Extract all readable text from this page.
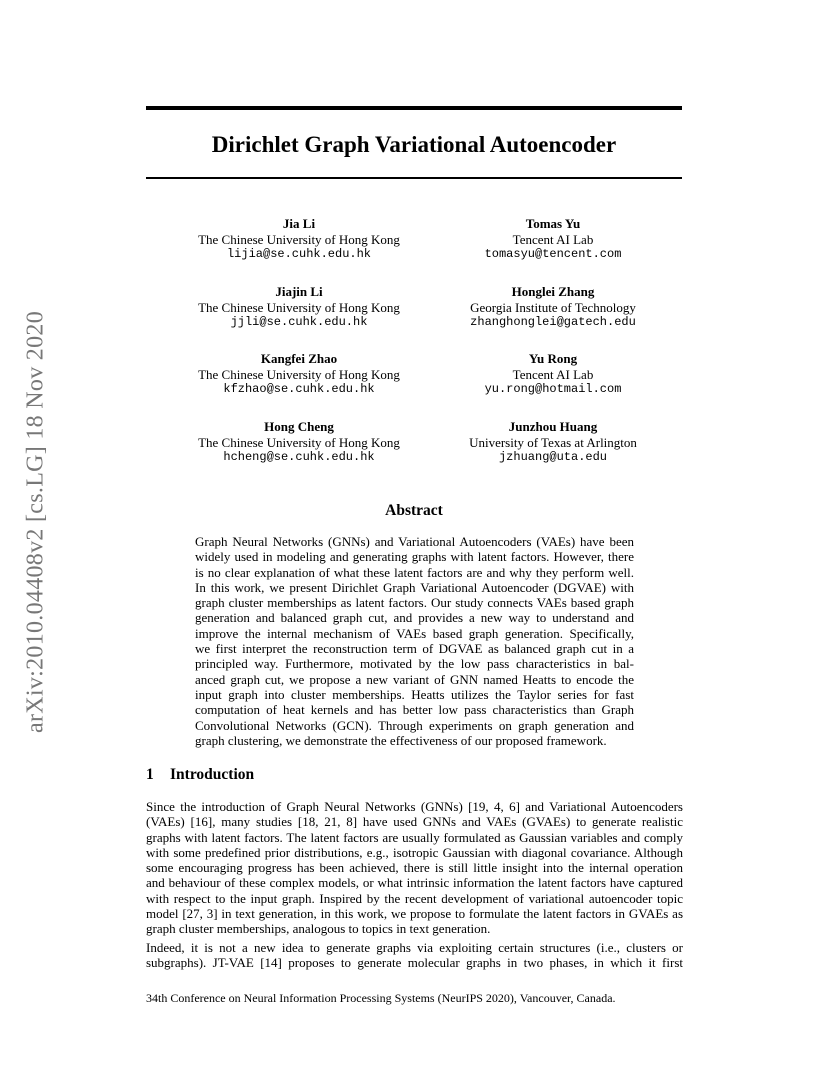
arXiv:2010.04408v2 [cs.LG] 18 Nov 2020
Dirichlet Graph Variational Autoencoder
Jia Li
The Chinese University of Hong Kong
lijia@se.cuhk.edu.hk
Tomas Yu
Tencent AI Lab
tomasyu@tencent.com
Jiajin Li
The Chinese University of Hong Kong
jjli@se.cuhk.edu.hk
Honglei Zhang
Georgia Institute of Technology
zhanghonglei@gatech.edu
Kangfei Zhao
The Chinese University of Hong Kong
kfzhao@se.cuhk.edu.hk
Yu Rong
Tencent AI Lab
yu.rong@hotmail.com
Hong Cheng
The Chinese University of Hong Kong
hcheng@se.cuhk.edu.hk
Junzhou Huang
University of Texas at Arlington
jzhuang@uta.edu
Abstract
Graph Neural Networks (GNNs) and Variational Autoencoders (VAEs) have been
widely used in modeling and generating graphs with latent factors. However, there
is no clear explanation of what these latent factors are and why they perform well.
In this work, we present Dirichlet Graph Variational Autoencoder (DGVAE) with
graph cluster memberships as latent factors. Our study connects VAEs based graph
generation and balanced graph cut, and provides a new way to understand and
improve the internal mechanism of VAEs based graph generation. Specifically,
we first interpret the reconstruction term of DGVAE as balanced graph cut in a
principled way. Furthermore, motivated by the low pass characteristics in bal-
anced graph cut, we propose a new variant of GNN named Heatts to encode the
input graph into cluster memberships. Heatts utilizes the Taylor series for fast
computation of heat kernels and has better low pass characteristics than Graph
Convolutional Networks (GCN). Through experiments on graph generation and
graph clustering, we demonstrate the effectiveness of our proposed framework.
1 Introduction
Since the introduction of Graph Neural Networks (GNNs) [19, 4, 6] and Variational Autoencoders
(VAEs) [16], many studies [18, 21, 8] have used GNNs and VAEs (GVAEs) to generate realistic
graphs with latent factors. The latent factors are usually formulated as Gaussian variables and comply
with some predefined prior distributions, e.g., isotropic Gaussian with diagonal covariance. Although
some encouraging progress has been achieved, there is still little insight into the internal operation
and behaviour of these complex models, or what intrinsic information the latent factors have captured
with respect to the input graph. Inspired by the recent development of variational autoencoder topic
model [27, 3] in text generation, in this work, we propose to formulate the latent factors in GVAEs as
graph cluster memberships, analogous to topics in text generation.
Indeed, it is not a new idea to generate graphs via exploiting certain structures (i.e., clusters or
subgraphs). JT-VAE [14] proposes to generate molecular graphs in two phases, in which it first
34th Conference on Neural Information Processing Systems (NeurIPS 2020), Vancouver, Canada.
